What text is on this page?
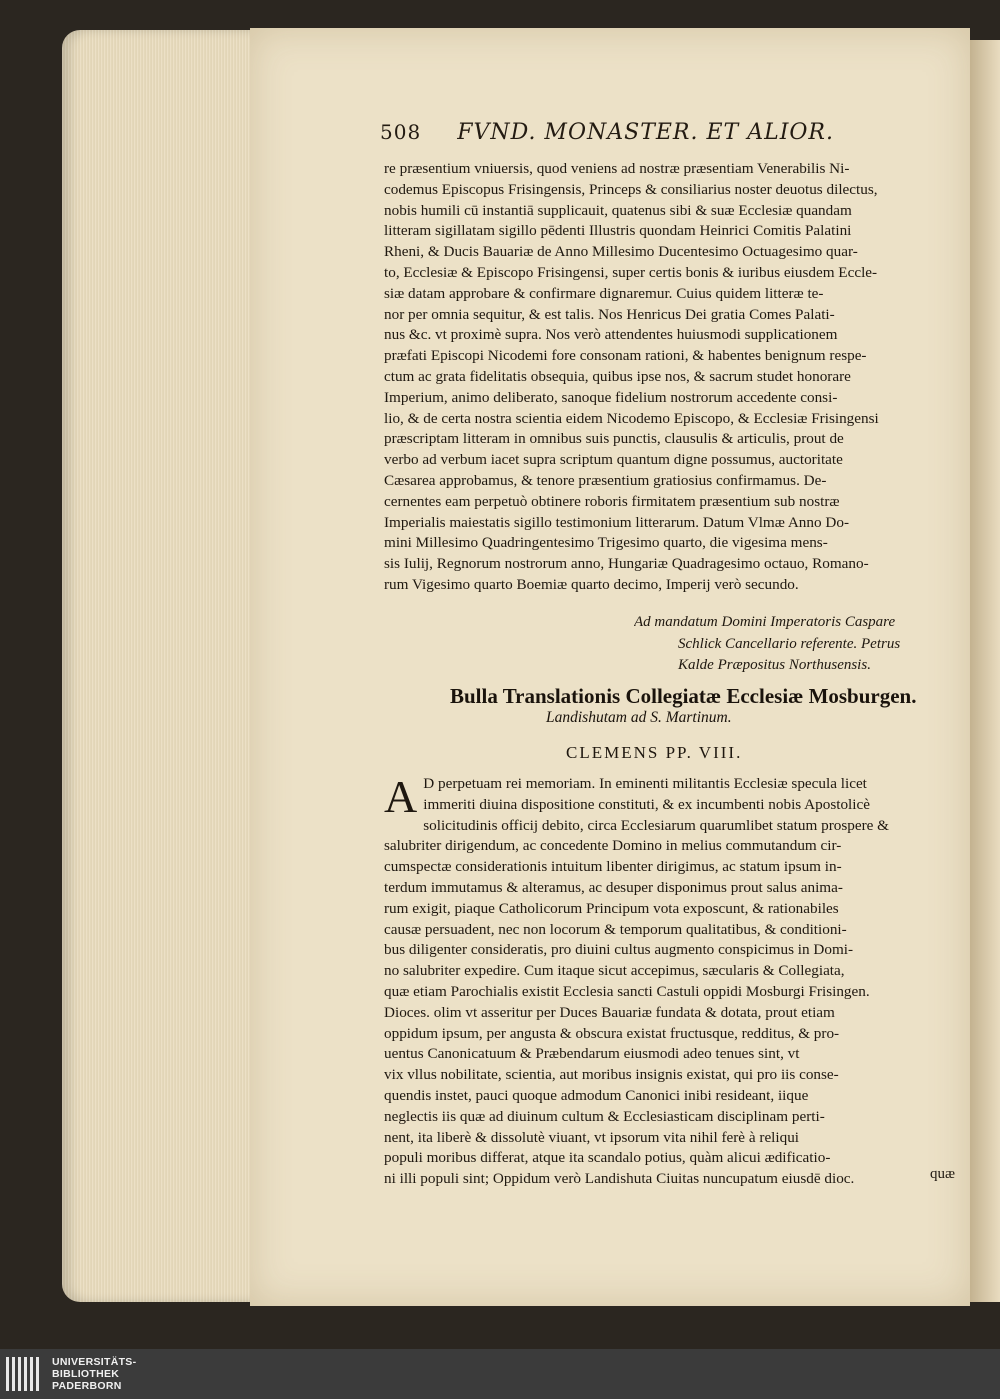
508 FVND. MONASTER. ET ALIOR.
re præsentium vniuersis, quod veniens ad nostræ præsentiam Venerabilis Ni-
codemus Episcopus Frisingensis, Princeps & consiliarius noster deuotus dilectus,
nobis humili cū instantiā supplicauit, quatenus sibi & suæ Ecclesiæ quandam
litteram sigillatam sigillo pēdenti Illustris quondam Heinrici Comitis Palatini
Rheni, & Ducis Bauariæ de Anno Millesimo Ducentesimo Octuagesimo quar-
to, Ecclesiæ & Episcopo Frisingensi, super certis bonis & iuribus eiusdem Eccle-
siæ datam approbare & confirmare dignaremur. Cuius quidem litteræ te-
nor per omnia sequitur, & est talis. Nos Henricus Dei gratia Comes Palati-
nus &c. vt proximè supra. Nos verò attendentes huiusmodi supplicationem
præfati Episcopi Nicodemi fore consonam rationi, & habentes benignum respe-
ctum ac grata fidelitatis obsequia, quibus ipse nos, & sacrum studet honorare
Imperium, animo deliberato, sanoque fidelium nostrorum accedente consi-
lio, & de certa nostra scientia eidem Nicodemo Episcopo, & Ecclesiæ Frisingensi
præscriptam litteram in omnibus suis punctis, clausulis & articulis, prout de
verbo ad verbum iacet supra scriptum quantum digne possumus, auctoritate
Cæsarea approbamus, & tenore præsentium gratiosius confirmamus. De-
cernentes eam perpetuò obtinere roboris firmitatem præsentium sub nostræ
Imperialis maiestatis sigillo testimonium litterarum. Datum Vlmæ Anno Do-
mini Millesimo Quadringentesimo Trigesimo quarto, die vigesima mens-
sis Iulij, Regnorum nostrorum anno, Hungariæ Quadragesimo octauo, Romano-
rum Vigesimo quarto Boemiæ quarto decimo, Imperij verò secundo.
Ad mandatum Domini Imperatoris Caspare
Schlick Cancellario referente. Petrus
Kalde Præpositus Northusensis.
Bulla Translationis Collegiatæ Ecclesiæ Mosburgen.
Landishutam ad S. Martinum.
CLEMENS PP. VIII.
A D perpetuam rei memoriam. In eminenti militantis Ecclesiæ specula licet
immeriti diuina dispositione constituti, & ex incumbenti nobis Apostolicè
solicitudinis officij debito, circa Ecclesiarum quarumlibet statum prospere &
salubriter dirigendum, ac concedente Domino in melius commutandum cir-
cumspectæ considerationis intuitum libenter dirigimus, ac statum ipsum in-
terdum immutamus & alteramus, ac desuper disponimus prout salus anima-
rum exigit, piaque Catholicorum Principum vota exposcunt, & rationabiles
causæ persuadent, nec non locorum & temporum qualitatibus, & conditioni-
bus diligenter consideratis, pro diuini cultus augmento conspicimus in Domi-
no salubriter expedire. Cum itaque sicut accepimus, sæcularis & Collegiata,
quæ etiam Parochialis existit Ecclesia sancti Castuli oppidi Mosburgi Frisingen.
Dioces. olim vt asseritur per Duces Bauariæ fundata & dotata, prout etiam
oppidum ipsum, per angusta & obscura existat fructusque, redditus, & pro-
uentus Canonicatuum & Præbendarum eiusmodi adeo tenues sint, vt
vix vllus nobilitate, scientia, aut moribus insignis existat, qui pro iis conse-
quendis instet, pauci quoque admodum Canonici inibi resideant, iique
neglectis iis quæ ad diuinum cultum & Ecclesiasticam disciplinam perti-
nent, ita liberè & dissolutè viuant, vt ipsorum vita nihil ferè à reliqui
populi moribus differat, atque ita scandalo potius, quàm alicui ædificatio-
ni illi populi sint; Oppidum verò Landishuta Ciuitas nuncupatum eiusdē dioc.	quæ
UNIVERSITÄTS-
BIBLIOTHEK
PADERBORN
